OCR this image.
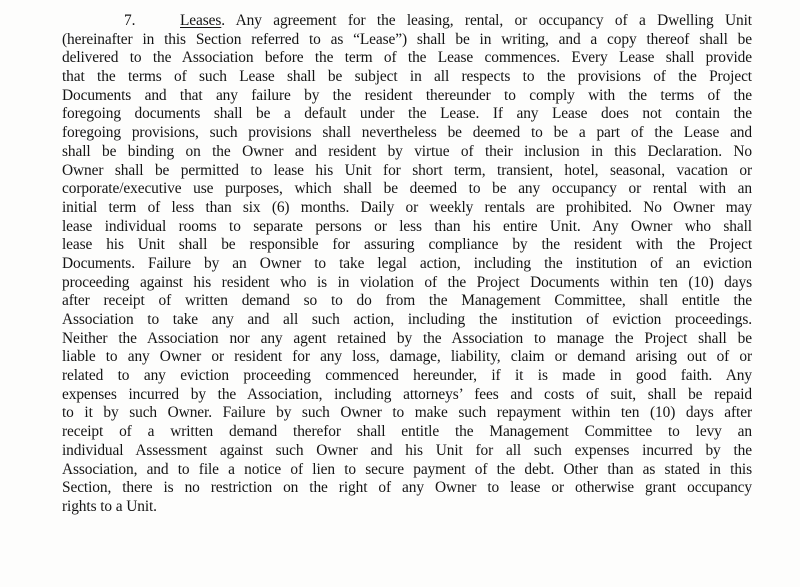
7.	Leases. Any agreement for the leasing, rental, or occupancy of a Dwelling Unit
(hereinafter in this Section referred to as “Lease”) shall be in writing, and a copy thereof shall be
delivered to the Association before the term of the Lease commences. Every Lease shall provide
that the terms of such Lease shall be subject in all respects to the provisions of the Project
Documents and that any failure by the resident thereunder to comply with the terms of the
foregoing documents shall be a default under the Lease. If any Lease does not contain the
foregoing provisions, such provisions shall nevertheless be deemed to be a part of the Lease and
shall be binding on the Owner and resident by virtue of their inclusion in this Declaration. No
Owner shall be permitted to lease his Unit for short term, transient, hotel, seasonal, vacation or
corporate/executive use purposes, which shall be deemed to be any occupancy or rental with an
initial term of less than six (6) months. Daily or weekly rentals are prohibited. No Owner may
lease individual rooms to separate persons or less than his entire Unit. Any Owner who shall
lease his Unit shall be responsible for assuring compliance by the resident with the Project
Documents. Failure by an Owner to take legal action, including the institution of an eviction
proceeding against his resident who is in violation of the Project Documents within ten (10) days
after receipt of written demand so to do from the Management Committee, shall entitle the
Association to take any and all such action, including the institution of eviction proceedings.
Neither the Association nor any agent retained by the Association to manage the Project shall be
liable to any Owner or resident for any loss, damage, liability, claim or demand arising out of or
related to any eviction proceeding commenced hereunder, if it is made in good faith. Any
expenses incurred by the Association, including attorneys’ fees and costs of suit, shall be repaid
to it by such Owner. Failure by such Owner to make such repayment within ten (10) days after
receipt of a written demand therefor shall entitle the Management Committee to levy an
individual Assessment against such Owner and his Unit for all such expenses incurred by the
Association, and to file a notice of lien to secure payment of the debt. Other than as stated in this
Section, there is no restriction on the right of any Owner to lease or otherwise grant occupancy
rights to a Unit.
